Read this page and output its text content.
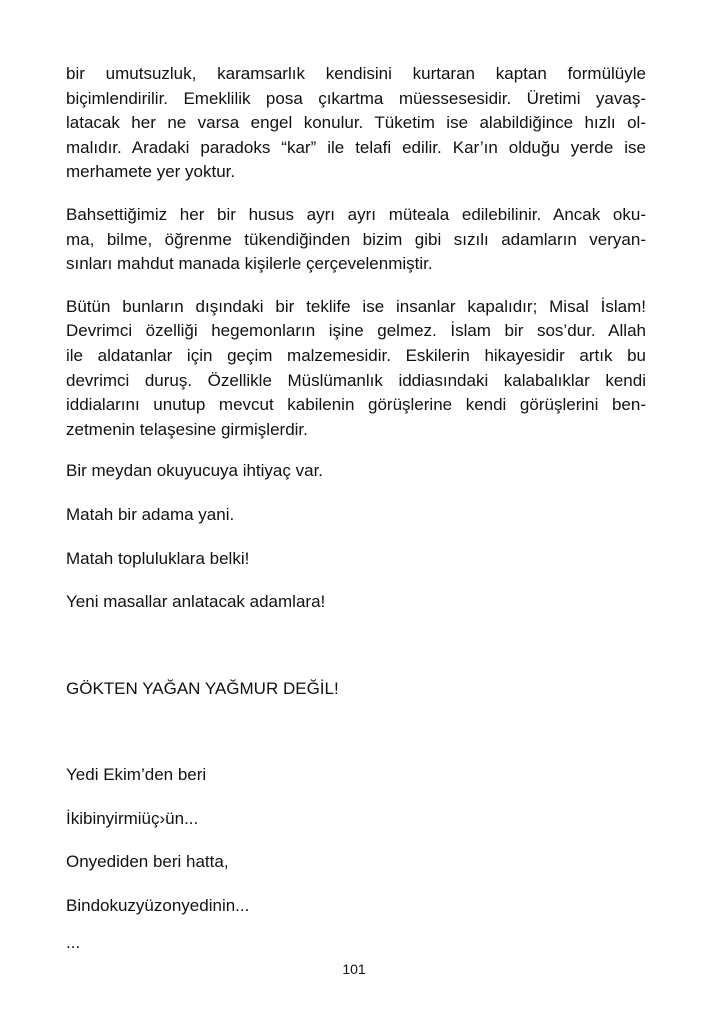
bir umutsuzluk, karamsarlık kendisini kurtaran kaptan formülüyle
biçimlendirilir. Emeklilik posa çıkartma müessesesidir. Üretimi yavaş-
latacak her ne varsa engel konulur. Tüketim ise alabildiğince hızlı ol-
malıdır. Aradaki paradoks “kar” ile telafi edilir. Kar’ın olduğu yerde ise
merhamete yer yoktur.

Bahsettiğimiz her bir husus ayrı ayrı müteala edilebilinir. Ancak oku-
ma, bilme, öğrenme tükendiğinden bizim gibi sızılı adamların veryan-
sınları mahdut manada kişilerle çerçevelenmiştir.

Bütün bunların dışındaki bir teklife ise insanlar kapalıdır; Misal İslam!
Devrimci özelliği hegemonların işine gelmez. İslam bir sos’dur. Allah
ile aldatanlar için geçim malzemesidir. Eskilerin hikayesidir artık bu
devrimci duruş. Özellikle Müslümanlık iddiasındaki kalabalıklar kendi
iddialarını unutup mevcut kabilenin görüşlerine kendi görüşlerini ben-
zetmenin telaşesine girmişlerdir.

Bir meydan okuyucuya ihtiyaç var.

Matah bir adama yani.

Matah topluluklara belki!

Yeni masallar anlatacak adamlara!

GÖKTEN YAĞAN YAĞMUR DEĞİL!

Yedi Ekim’den beri

İkibinyirmiüç›ün...

Onyediden beri hatta,

Bindokuzyüzonyedinin...

...

101
